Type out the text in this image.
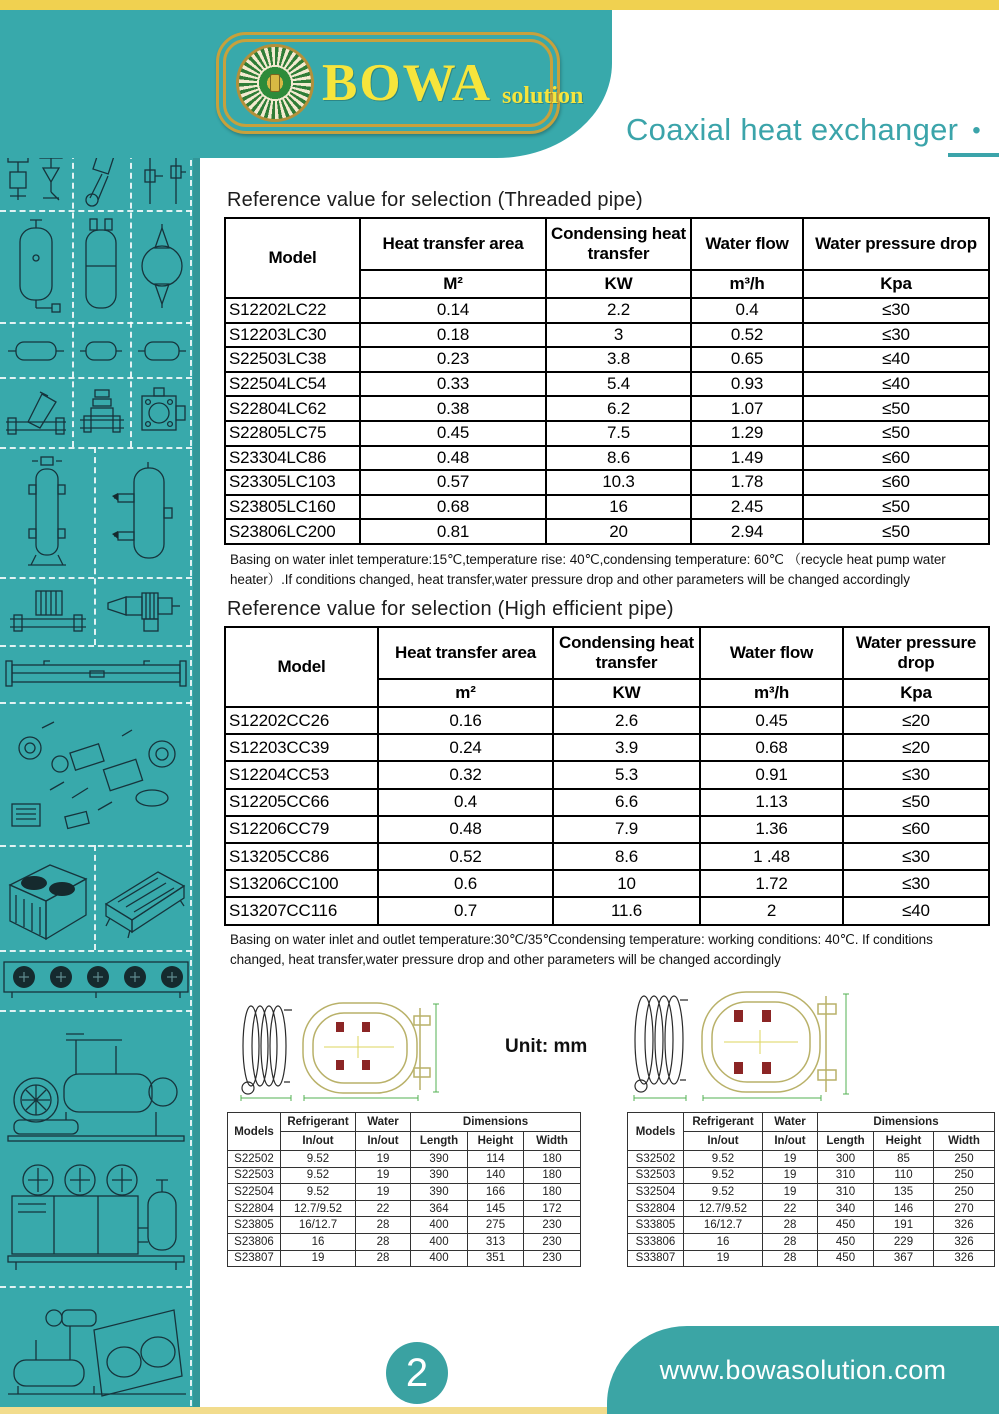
BOWA solution
Coaxial heat exchanger •
Reference value for selection (Threaded pipe)
Model	Heat transfer area	Condensing heat transfer	Water flow	Water pressure drop
	M²	KW	m³/h	Kpa
S12202LC22	0.14	2.2	0.4	≤30
S12203LC30	0.18	3	0.52	≤30
S22503LC38	0.23	3.8	0.65	≤40
S22504LC54	0.33	5.4	0.93	≤40
S22804LC62	0.38	6.2	1.07	≤50
S22805LC75	0.45	7.5	1.29	≤50
S23304LC86	0.48	8.6	1.49	≤60
S23305LC103	0.57	10.3	1.78	≤60
S23805LC160	0.68	16	2.45	≤50
S23806LC200	0.81	20	2.94	≤50
Basing on water inlet temperature:15℃,temperature rise: 40℃,condensing temperature: 60℃ （recycle heat pump water heater）.If conditions changed, heat transfer,water pressure drop and other parameters will be changed accordingly
Reference value for selection (High efficient pipe)
Model	Heat transfer area	Condensing heat transfer	Water flow	Water pressure drop
	m²	KW	m³/h	Kpa
S12202CC26	0.16	2.6	0.45	≤20
S12203CC39	0.24	3.9	0.68	≤20
S12204CC53	0.32	5.3	0.91	≤30
S12205CC66	0.4	6.6	1.13	≤50
S12206CC79	0.48	7.9	1.36	≤60
S13205CC86	0.52	8.6	1 .48	≤30
S13206CC100	0.6	10	1.72	≤30
S13207CC116	0.7	11.6	2	≤40
Basing on water inlet and outlet temperature:30℃/35℃condensing temperature: working conditions: 40℃. If conditions changed, heat transfer,water pressure drop and other parameters will be changed accordingly
Unit: mm
Models	Refrigerant	Water	Dimensions		
	In/out	In/out	Length	Height	Width
S22502	9.52	19	390	114	180
S22503	9.52	19	390	140	180
S22504	9.52	19	390	166	180
S22804	12.7/9.52	22	364	145	172
S23805	16/12.7	28	400	275	230
S23806	16	28	400	313	230
S23807	19	28	400	351	230
Models	Refrigerant	Water	Dimensions		
	In/out	In/out	Length	Height	Width
S32502	9.52	19	300	85	250
S32503	9.52	19	310	110	250
S32504	9.52	19	310	135	250
S32804	12.7/9.52	22	340	146	270
S33805	16/12.7	28	450	191	326
S33806	16	28	450	229	326
S33807	19	28	450	367	326
2	www.bowasolution.com
